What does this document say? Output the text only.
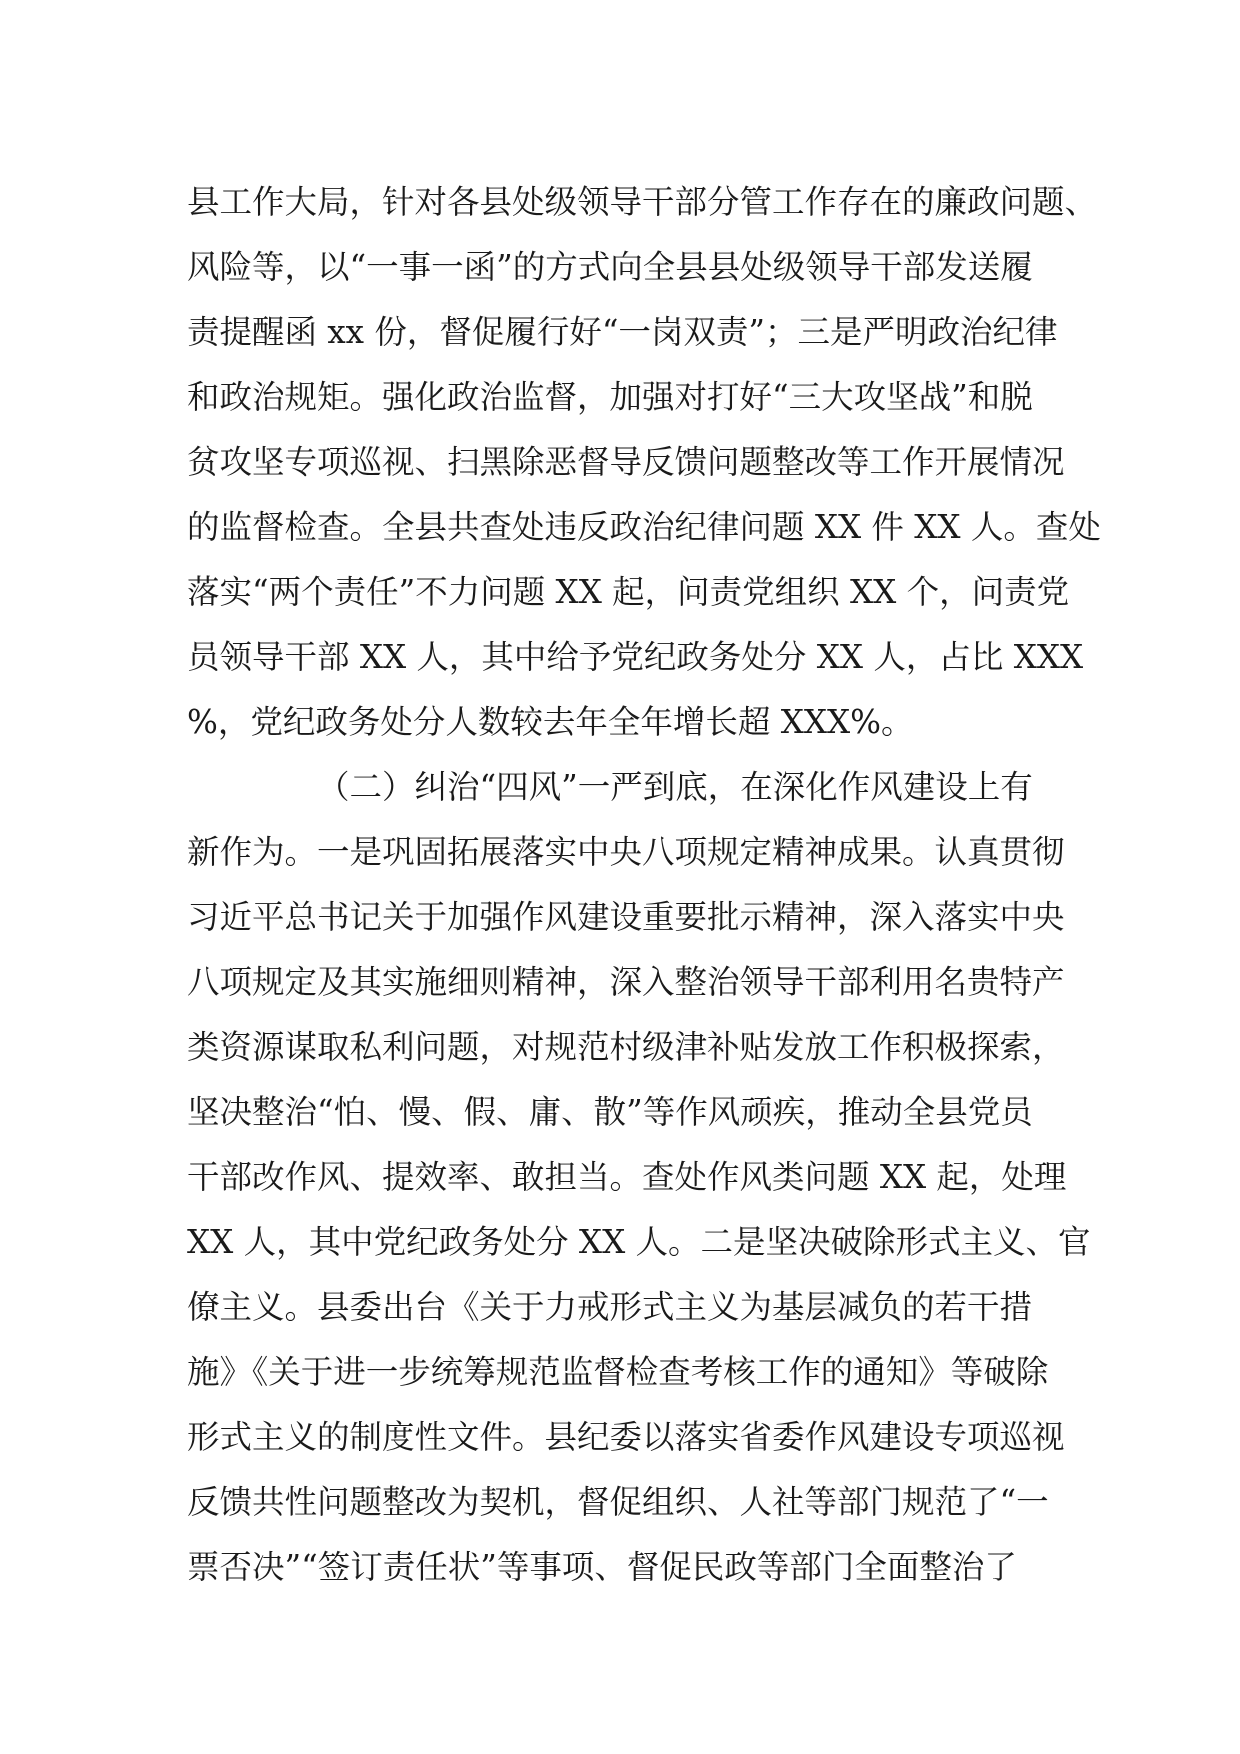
县工作大局，针对各县处级领导干部分管工作存在的廉政问题、
风险等，以“一事一函”的方式向全县县处级领导干部发送履
责提醒函 xx 份，督促履行好“一岗双责”；三是严明政治纪律
和政治规矩。强化政治监督，加强对打好“三大攻坚战”和脱
贫攻坚专项巡视、扫黑除恶督导反馈问题整改等工作开展情况
的监督检查。全县共查处违反政治纪律问题 XX 件 XX 人。查处
落实“两个责任”不力问题 XX 起，问责党组织 XX 个，问责党
员领导干部 XX 人，其中给予党纪政务处分 XX 人，占比 XXX
%，党纪政务处分人数较去年全年增长超 XXX%。
（二）纠治“四风”一严到底，在深化作风建设上有
新作为。一是巩固拓展落实中央八项规定精神成果。认真贯彻
习近平总书记关于加强作风建设重要批示精神，深入落实中央
八项规定及其实施细则精神，深入整治领导干部利用名贵特产
类资源谋取私利问题，对规范村级津补贴发放工作积极探索，
坚决整治“怕、慢、假、庸、散”等作风顽疾，推动全县党员
干部改作风、提效率、敢担当。查处作风类问题 XX 起，处理
XX 人，其中党纪政务处分 XX 人。二是坚决破除形式主义、官
僚主义。县委出台《关于力戒形式主义为基层减负的若干措
施》《关于进一步统筹规范监督检查考核工作的通知》等破除
形式主义的制度性文件。县纪委以落实省委作风建设专项巡视
反馈共性问题整改为契机，督促组织、人社等部门规范了“一
票否决”“签订责任状”等事项、督促民政等部门全面整治了
